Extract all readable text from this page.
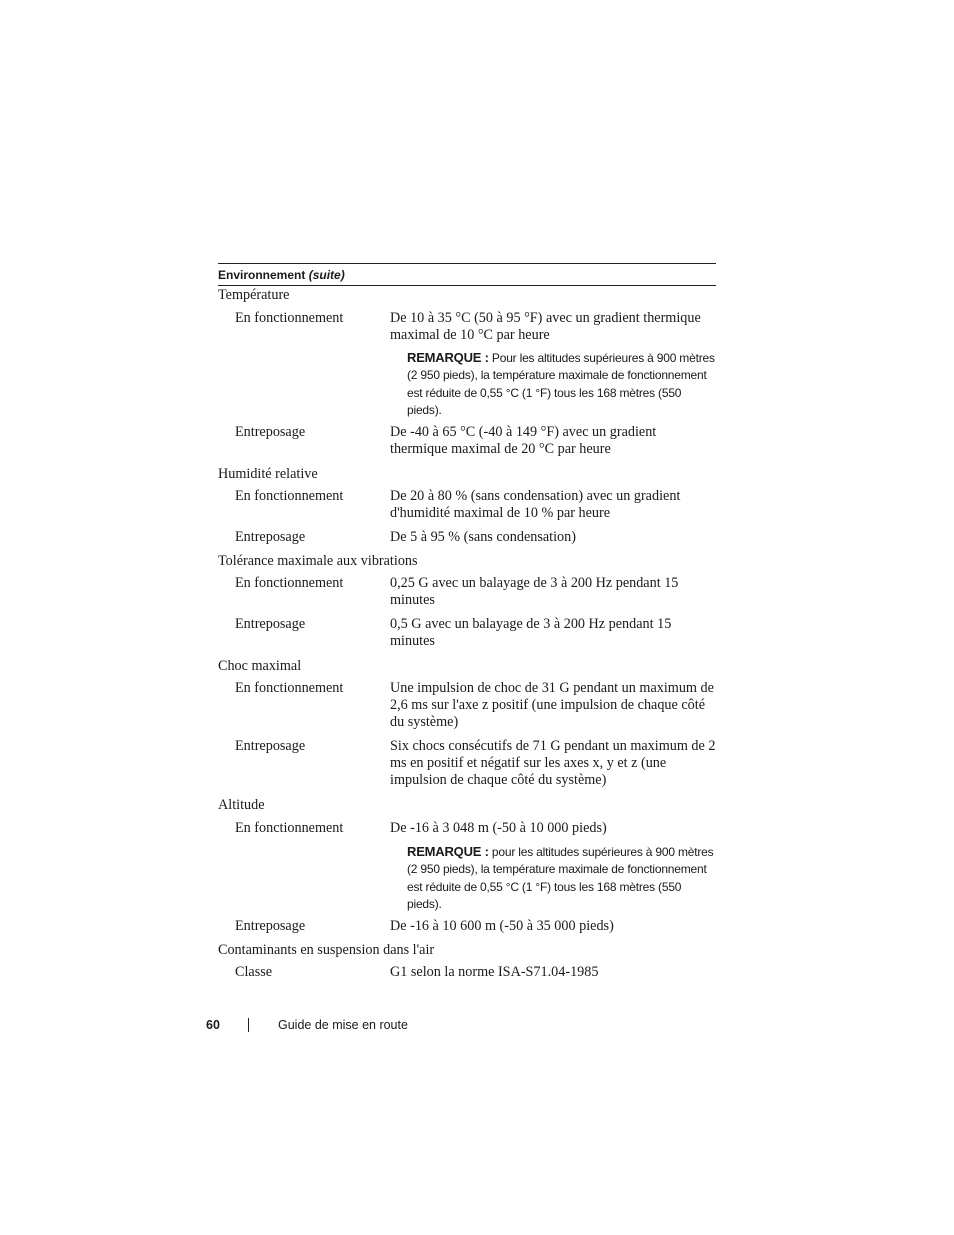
Environnement (suite)
Température
En fonctionnement	De 10 à 35 °C (50 à 95 °F) avec un gradient thermique maximal de 10 °C par heure
REMARQUE : Pour les altitudes supérieures à 900 mètres (2 950 pieds), la température maximale de fonctionnement est réduite de 0,55 °C (1 °F) tous les 168 mètres (550 pieds).
Entreposage	De -40 à 65 °C (-40 à 149 °F) avec un gradient thermique maximal de 20 °C par heure
Humidité relative
En fonctionnement	De 20 à 80 % (sans condensation) avec un gradient d'humidité maximal de 10 % par heure
Entreposage	De 5 à 95 % (sans condensation)
Tolérance maximale aux vibrations
En fonctionnement	0,25 G avec un balayage de 3 à 200 Hz pendant 15 minutes
Entreposage	0,5 G avec un balayage de 3 à 200 Hz pendant 15 minutes
Choc maximal
En fonctionnement	Une impulsion de choc de 31 G pendant un maximum de 2,6 ms sur l'axe z positif (une impulsion de chaque côté du système)
Entreposage	Six chocs consécutifs de 71 G pendant un maximum de 2 ms en positif et négatif sur les axes x, y et z (une impulsion de chaque côté du système)
Altitude
En fonctionnement	De -16 à 3 048 m (-50 à 10 000 pieds)
REMARQUE : pour les altitudes supérieures à 900 mètres (2 950 pieds), la température maximale de fonctionnement est réduite de 0,55 °C (1 °F) tous les 168 mètres (550 pieds).
Entreposage	De -16 à 10 600 m (-50 à 35 000 pieds)
Contaminants en suspension dans l'air
Classe	G1 selon la norme ISA-S71.04-1985
60	Guide de mise en route
